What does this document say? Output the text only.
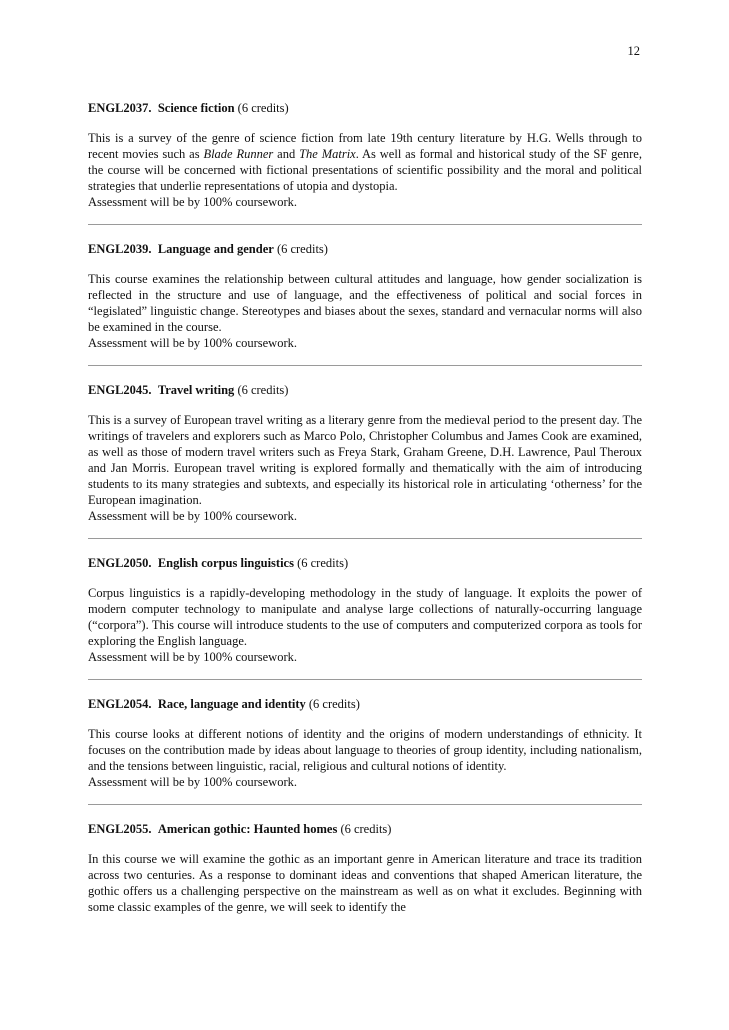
12
ENGL2037. Science fiction (6 credits)

This is a survey of the genre of science fiction from late 19th century literature by H.G. Wells through to recent movies such as Blade Runner and The Matrix. As well as formal and historical study of the SF genre, the course will be concerned with fictional presentations of scientific possibility and the moral and political strategies that underlie representations of utopia and dystopia.

Assessment will be by 100% coursework.

ENGL2039. Language and gender (6 credits)

This course examines the relationship between cultural attitudes and language, how gender socialization is reflected in the structure and use of language, and the effectiveness of political and social forces in “legislated” linguistic change. Stereotypes and biases about the sexes, standard and vernacular norms will also be examined in the course.

Assessment will be by 100% coursework.

ENGL2045. Travel writing (6 credits)

This is a survey of European travel writing as a literary genre from the medieval period to the present day. The writings of travelers and explorers such as Marco Polo, Christopher Columbus and James Cook are examined, as well as those of modern travel writers such as Freya Stark, Graham Greene, D.H. Lawrence, Paul Theroux and Jan Morris. European travel writing is explored formally and thematically with the aim of introducing students to its many strategies and subtexts, and especially its historical role in articulating ‘otherness’ for the European imagination.

Assessment will be by 100% coursework.

ENGL2050. English corpus linguistics (6 credits)

Corpus linguistics is a rapidly-developing methodology in the study of language. It exploits the power of modern computer technology to manipulate and analyse large collections of naturally-occurring language (“corpora”). This course will introduce students to the use of computers and computerized corpora as tools for exploring the English language.

Assessment will be by 100% coursework.

ENGL2054. Race, language and identity (6 credits)

This course looks at different notions of identity and the origins of modern understandings of ethnicity. It focuses on the contribution made by ideas about language to theories of group identity, including nationalism, and the tensions between linguistic, racial, religious and cultural notions of identity.

Assessment will be by 100% coursework.

ENGL2055. American gothic: Haunted homes (6 credits)

In this course we will examine the gothic as an important genre in American literature and trace its tradition across two centuries. As a response to dominant ideas and conventions that shaped American literature, the gothic offers us a challenging perspective on the mainstream as well as on what it excludes. Beginning with some classic examples of the genre, we will seek to identify the
